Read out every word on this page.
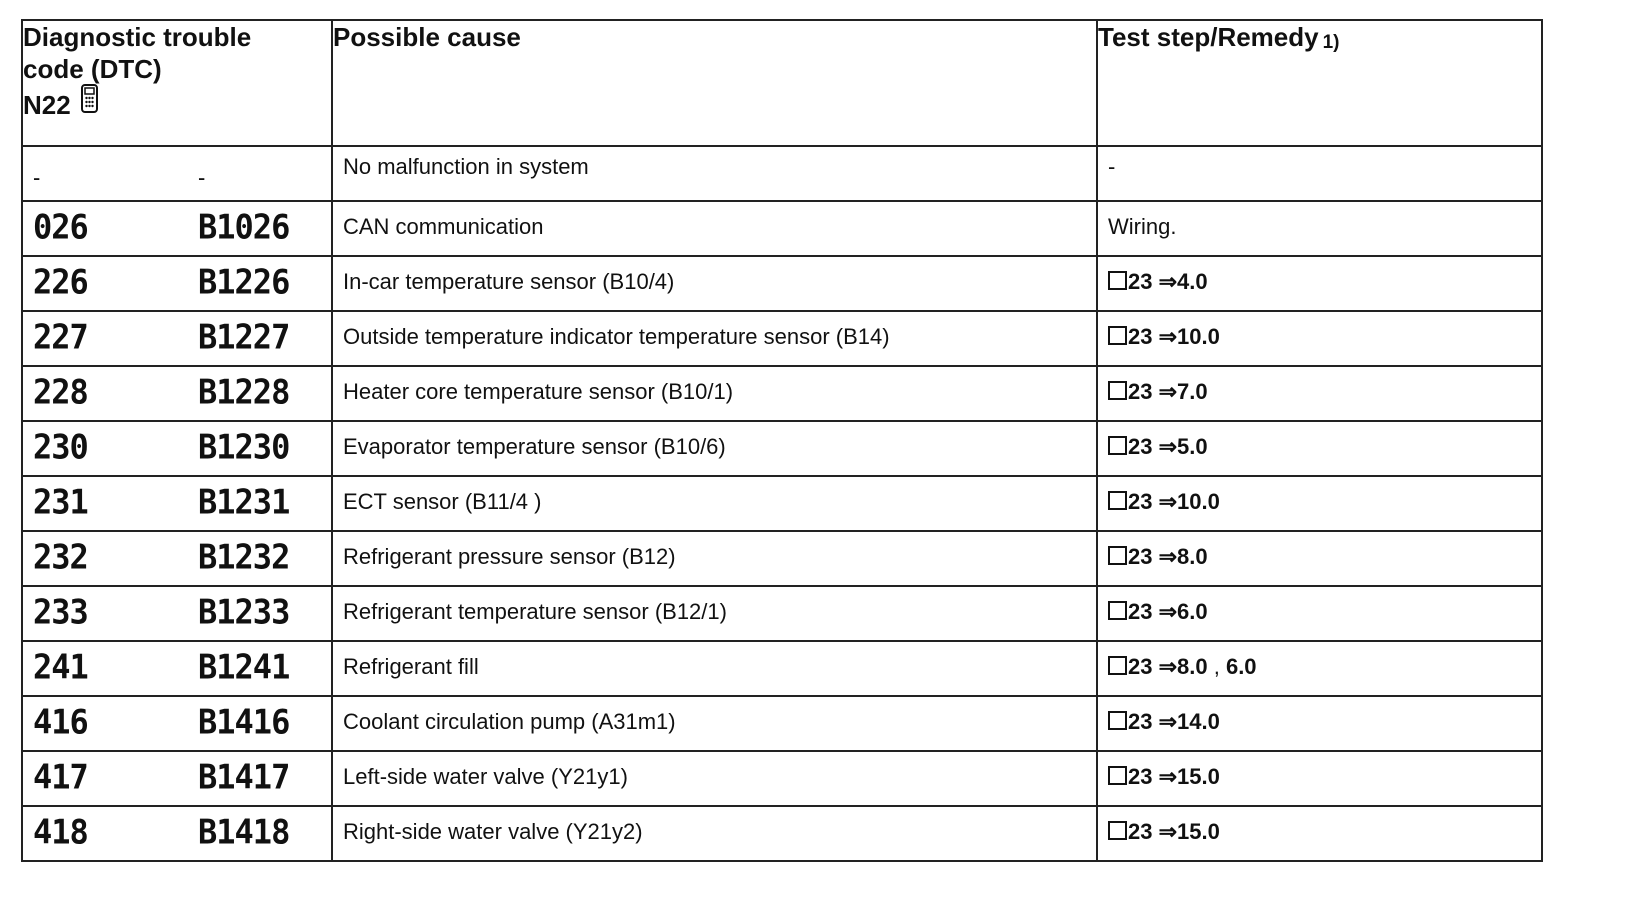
Diagnostic trouble
code (DTC)
N22	Possible cause	Test step/Remedy 1)

- -	No malfunction in system	-

026 B1026	CAN communication	Wiring.

226 B1226	In-car temperature sensor (B10/4)	23 ⇒4.0

227 B1227	Outside temperature indicator temperature sensor (B14)	23 ⇒10.0

228 B1228	Heater core temperature sensor (B10/1)	23 ⇒7.0

230 B1230	Evaporator temperature sensor (B10/6)	23 ⇒5.0

231 B1231	ECT sensor (B11/4 )	23 ⇒10.0

232 B1232	Refrigerant pressure sensor (B12)	23 ⇒8.0

233 B1233	Refrigerant temperature sensor (B12/1)	23 ⇒6.0

241 B1241	Refrigerant fill	23 ⇒8.0 , 6.0

416 B1416	Coolant circulation pump (A31m1)	23 ⇒14.0

417 B1417	Left-side water valve (Y21y1)	23 ⇒15.0

418 B1418	Right-side water valve (Y21y2)	23 ⇒15.0
